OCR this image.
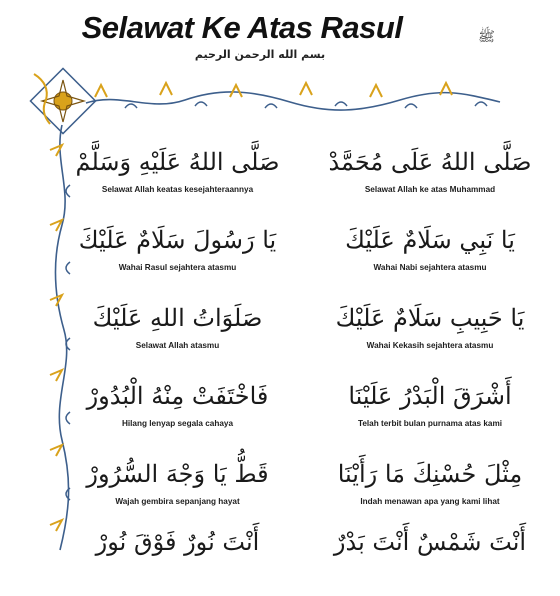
Selawat Ke Atas Rasul	ﷺ
بسم الله الرحمن الرحيم
صَلَّى اللهُ عَلَيْهِ وَسَلَّمْ
Selawat Allah keatas kesejahteraannya
صَلَّى اللهُ عَلَى مُحَمَّدْ
Selawat Allah ke atas Muhammad
يَا رَسُولَ سَلَامٌ عَلَيْكَ
Wahai Rasul sejahtera atasmu
يَا نَبِي سَلَامٌ عَلَيْكَ
Wahai Nabi sejahtera atasmu
صَلَوَاتُ اللهِ عَلَيْكَ
Selawat Allah atasmu
يَا حَبِيبِ سَلَامٌ عَلَيْكَ
Wahai Kekasih sejahtera atasmu
فَاخْتَفَتْ مِنْهُ الْبُدُورْ
Hilang lenyap segala cahaya
أَشْرَقَ الْبَدْرُ عَلَيْنَا
Telah terbit bulan purnama atas kami
قَطُّ يَا وَجْهَ السُّرُورْ
Wajah gembira sepanjang hayat
مِثْلَ حُسْنِكَ مَا رَأَيْنَا
Indah menawan apa yang kami lihat
أَنْتَ نُورٌ فَوْقَ نُورْ	أَنْتَ شَمْسٌ أَنْتَ بَدْرٌ
